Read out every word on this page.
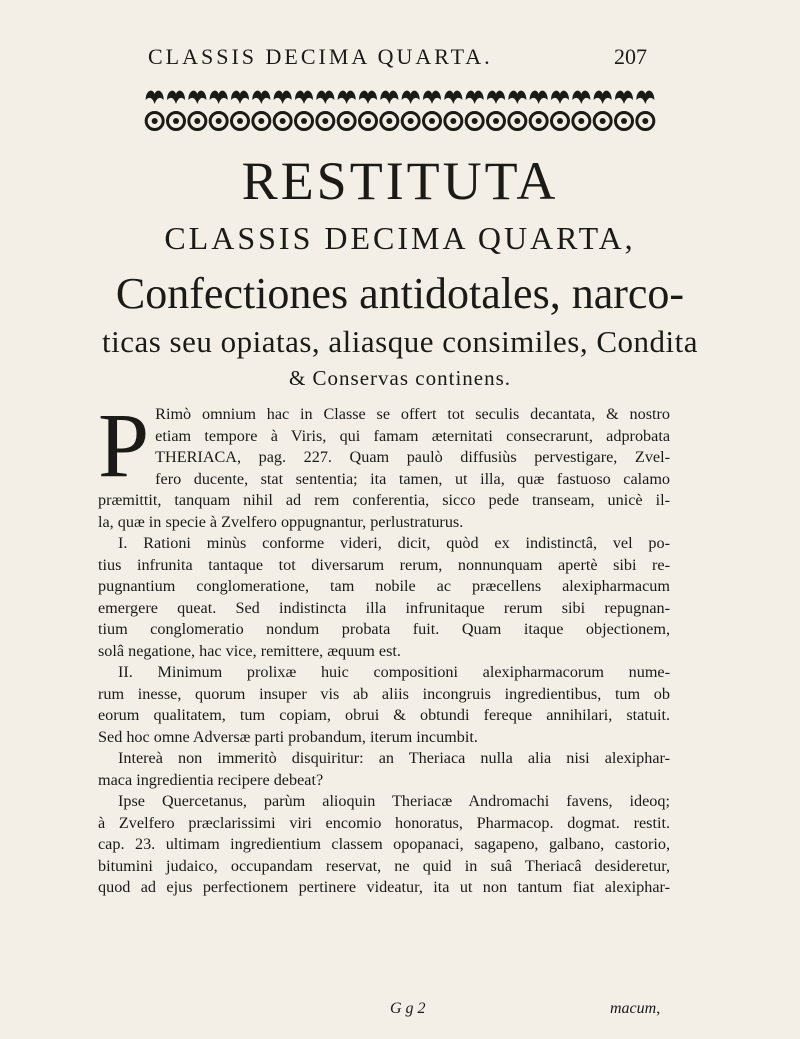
CLASSIS DECIMA QUARTA.	207
RESTITUTA
CLASSIS DECIMA QUARTA,
Confectiones antidotales, narco-
ticas seu opiatas, aliasque consimiles, Condita
& Conservas continens.
P Rimò omnium hac in Classe se offert tot seculis decantata, & nostro
etiam tempore à Viris, qui famam æternitati consecrarunt, adprobata
THERIACA, pag. 227. Quam paulò diffusiùs pervestigare, Zvel-
fero ducente, stat sententia; ita tamen, ut illa, quæ fastuoso calamo
præmittit, tanquam nihil ad rem conferentia, sicco pede transeam, unicè il-
la, quæ in specie à Zvelfero oppugnantur, perlustraturus.
I. Rationi minùs conforme videri, dicit, quòd ex indistinctâ, vel po-
tius infrunita tantaque tot diversarum rerum, nonnunquam apertè sibi re-
pugnantium conglomeratione, tam nobile ac præcellens alexipharmacum
emergere queat. Sed indistincta illa infrunitaque rerum sibi repugnan-
tium conglomeratio nondum probata fuit. Quam itaque objectionem,
solâ negatione, hac vice, remittere, æquum est.
II. Minimum prolixæ huic compositioni alexipharmacorum nume-
rum inesse, quorum insuper vis ab aliis incongruis ingredientibus, tum ob
eorum qualitatem, tum copiam, obrui & obtundi fereque annihilari, statuit.
Sed hoc omne Adversæ parti probandum, iterum incumbit.
Intereà non immeritò disquiritur: an Theriaca nulla alia nisi alexiphar-
maca ingredientia recipere debeat?
Ipse Quercetanus, parùm alioquin Theriacæ Andromachi favens, ideoq;
à Zvelfero præclarissimi viri encomio honoratus, Pharmacop. dogmat. restit.
cap. 23. ultimam ingredientium classem opopanaci, sagapeno, galbano, castorio,
bitumini judaico, occupandam reservat, ne quid in suâ Theriacâ desideretur,
quod ad ejus perfectionem pertinere videatur, ita ut non tantum fiat alexiphar-
G g 2	macum,
